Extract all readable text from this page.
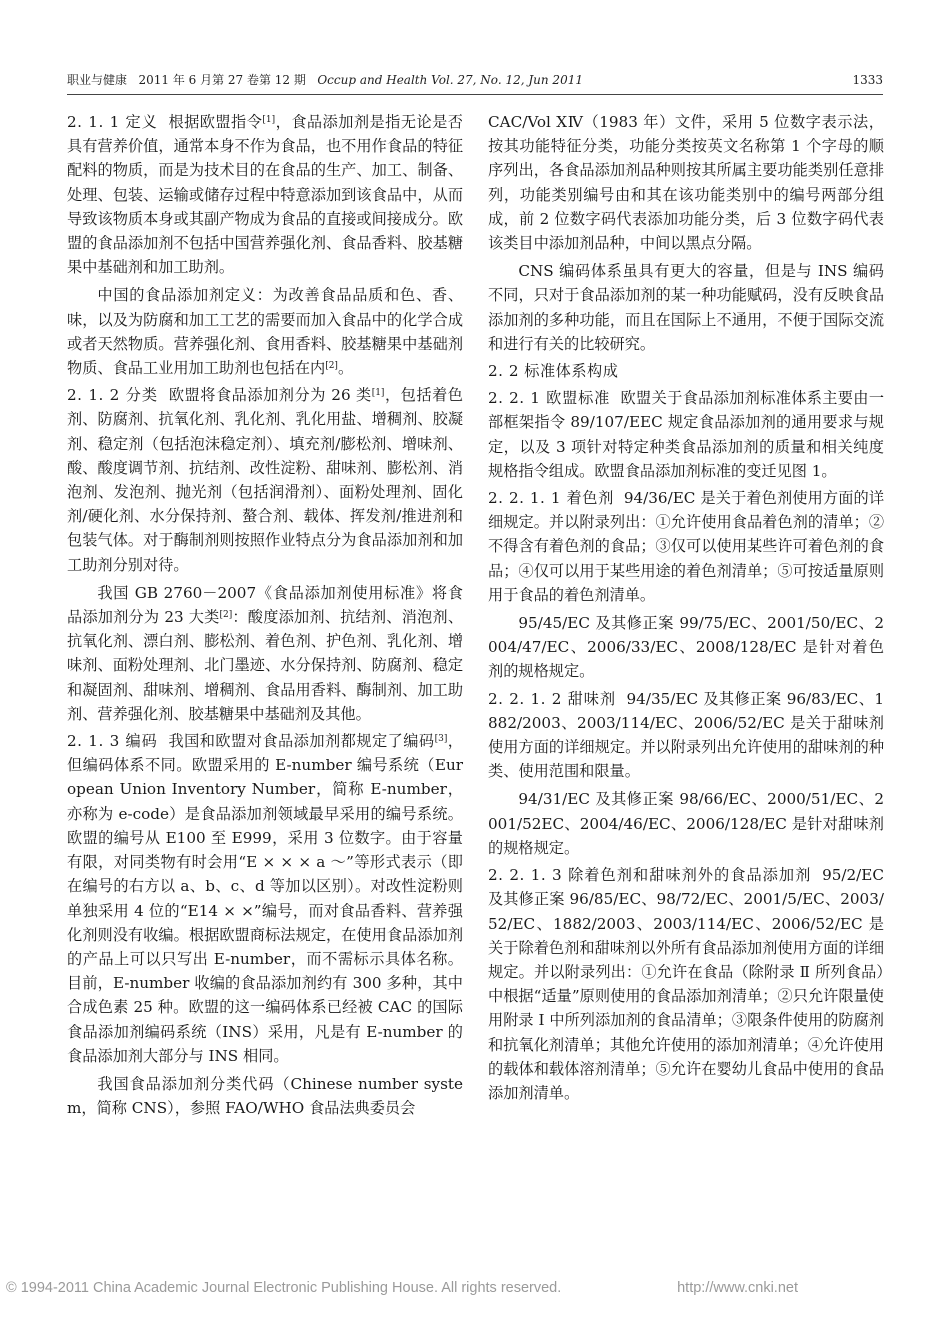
职业与健康 2011 年 6 月第 27 卷第 12 期 Occup and Health Vol. 27, No. 12, Jun 2011	1333

2. 1. 1 定义 根据欧盟指令[1]，食品添加剂是指无论是否具有营养价值，通常本身不作为食品，也不用作食品的特征配料的物质，而是为技术目的在食品的生产、加工、制备、处理、包装、运输或储存过程中特意添加到该食品中，从而导致该物质本身或其副产物成为食品的直接或间接成分。欧盟的食品添加剂不包括中国营养强化剂、食品香料、胶基糖果中基础剂和加工助剂。

中国的食品添加剂定义：为改善食品品质和色、香、味，以及为防腐和加工工艺的需要而加入食品中的化学合成或者天然物质。营养强化剂、食用香料、胶基糖果中基础剂物质、食品工业用加工助剂也包括在内[2]。

2. 1. 2 分类 欧盟将食品添加剂分为 26 类[1]，包括着色剂、防腐剂、抗氧化剂、乳化剂、乳化用盐、增稠剂、胶凝剂、稳定剂（包括泡沫稳定剂）、填充剂/膨松剂、增味剂、酸、酸度调节剂、抗结剂、改性淀粉、甜味剂、膨松剂、消泡剂、发泡剂、抛光剂（包括润滑剂）、面粉处理剂、固化剂/硬化剂、水分保持剂、螯合剂、载体、挥发剂/推进剂和包装气体。对于酶制剂则按照作业特点分为食品添加剂和加工助剂分别对待。

我国 GB 2760－2007《食品添加剂使用标准》将食品添加剂分为 23 大类[2]：酸度添加剂、抗结剂、消泡剂、抗氧化剂、漂白剂、膨松剂、着色剂、护色剂、乳化剂、增味剂、面粉处理剂、北门墨迹、水分保持剂、防腐剂、稳定和凝固剂、甜味剂、增稠剂、食品用香料、酶制剂、加工助剂、营养强化剂、胶基糖果中基础剂及其他。

2. 1. 3 编码 我国和欧盟对食品添加剂都规定了编码[3]，但编码体系不同。欧盟采用的 E-number 编号系统（European Union Inventory Number，简称 E-number，亦称为 e-code）是食品添加剂领域最早采用的编号系统。欧盟的编号从 E100 至 E999，采用 3 位数字。由于容量有限，对同类物有时会用“E × × × a ～”等形式表示（即在编号的右方以 a、b、c、d 等加以区别）。对改性淀粉则单独采用 4 位的“E14 × ×”编号，而对食品香料、营养强化剂则没有收编。根据欧盟商标法规定，在使用食品添加剂的产品上可以只写出 E-number，而不需标示具体名称。目前，E-number 收编的食品添加剂约有 300 多种，其中合成色素 25 种。欧盟的这一编码体系已经被 CAC 的国际食品添加剂编码系统（INS）采用，凡是有 E-number 的食品添加剂大部分与 INS 相同。

我国食品添加剂分类代码（Chinese number system，简称 CNS），参照 FAO/WHO 食品法典委员会

CAC/Vol ⅩⅣ（1983 年）文件，采用 5 位数字表示法，按其功能特征分类，功能分类按英文名称第 1 个字母的顺序列出，各食品添加剂品种则按其所属主要功能类别任意排列，功能类别编号由和其在该功能类别中的编号两部分组成，前 2 位数字码代表添加功能分类，后 3 位数字码代表该类目中添加剂品种，中间以黑点分隔。

CNS 编码体系虽具有更大的容量，但是与 INS 编码不同，只对于食品添加剂的某一种功能赋码，没有反映食品添加剂的多种功能，而且在国际上不通用，不便于国际交流和进行有关的比较研究。

2. 2 标准体系构成

2. 2. 1 欧盟标准 欧盟关于食品添加剂标准体系主要由一部框架指令 89/107/EEC 规定食品添加剂的通用要求与规定，以及 3 项针对特定种类食品添加剂的质量和相关纯度规格指令组成。欧盟食品添加剂标准的变迁见图 1。

2. 2. 1. 1 着色剂 94/36/EC 是关于着色剂使用方面的详细规定。并以附录列出：①允许使用食品着色剂的清单；②不得含有着色剂的食品；③仅可以使用某些许可着色剂的食品；④仅可以用于某些用途的着色剂清单；⑤可按适量原则用于食品的着色剂清单。

95/45/EC 及其修正案 99/75/EC、2001/50/EC、2004/47/EC、2006/33/EC、2008/128/EC 是针对着色剂的规格规定。

2. 2. 1. 2 甜味剂 94/35/EC 及其修正案 96/83/EC、1882/2003、2003/114/EC、2006/52/EC 是关于甜味剂使用方面的详细规定。并以附录列出允许使用的甜味剂的种类、使用范围和限量。

94/31/EC 及其修正案 98/66/EC、2000/51/EC、2001/52EC、2004/46/EC、2006/128/EC 是针对甜味剂的规格规定。

2. 2. 1. 3 除着色剂和甜味剂外的食品添加剂 95/2/EC 及其修正案 96/85/EC、98/72/EC、2001/5/EC、2003/52/EC、1882/2003、2003/114/EC、2006/52/EC 是关于除着色剂和甜味剂以外所有食品添加剂使用方面的详细规定。并以附录列出：①允许在食品（除附录 Ⅱ 所列食品）中根据“适量”原则使用的食品添加剂清单；②只允许限量使用附录 I 中所列添加剂的食品清单；③限条件使用的防腐剂和抗氧化剂清单；其他允许使用的添加剂清单；④允许使用的载体和载体溶剂清单；⑤允许在婴幼儿食品中使用的食品添加剂清单。

© 1994-2011 China Academic Journal Electronic Publishing House. All rights reserved.	http://www.cnki.net
